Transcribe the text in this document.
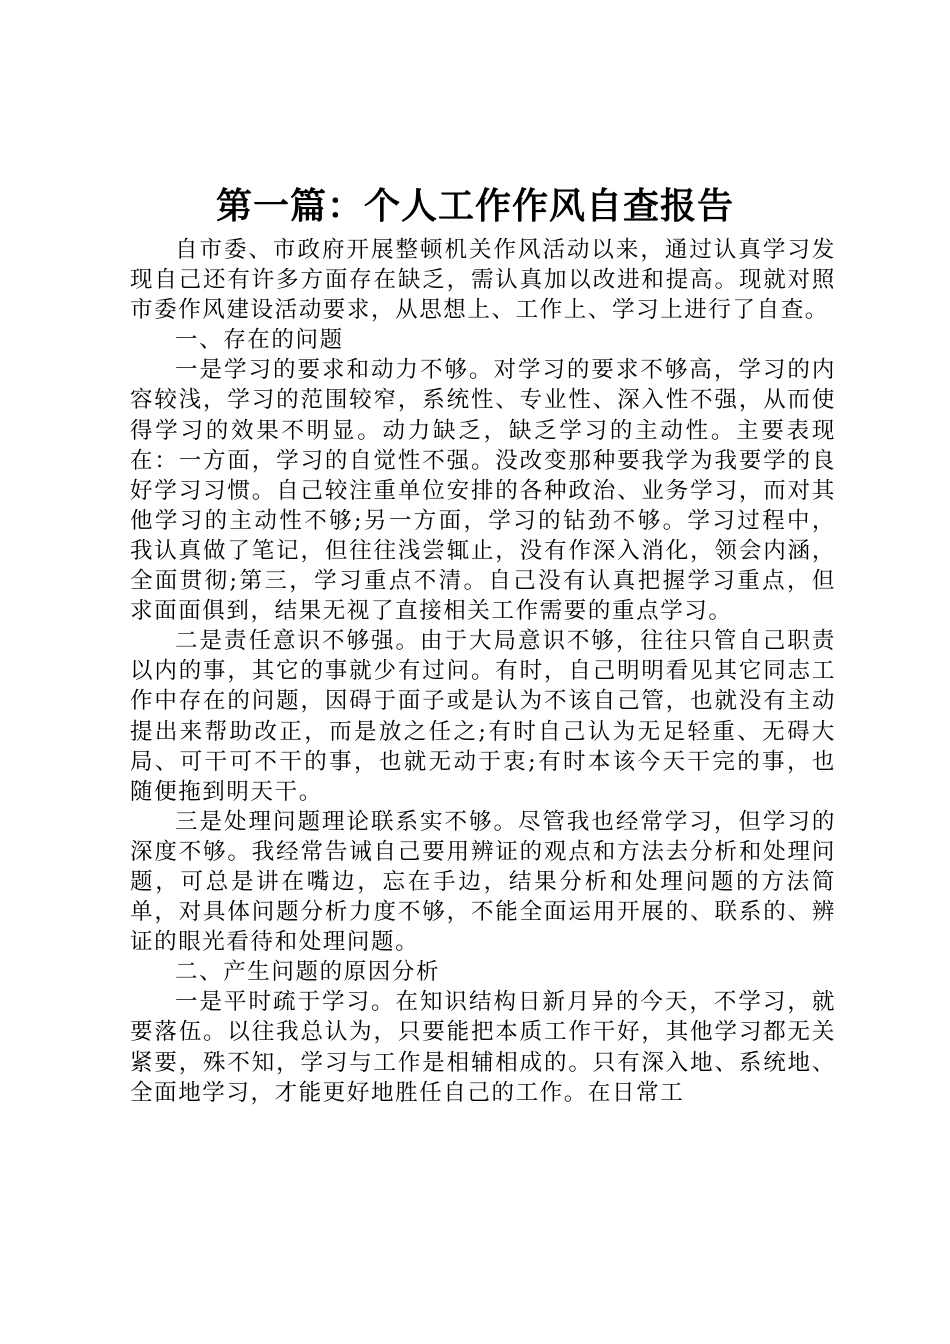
第一篇：个人工作作风自查报告

自市委、市政府开展整顿机关作风活动以来，通过认真学习发现自己还有许多方面存在缺乏，需认真加以改进和提高。现就对照市委作风建设活动要求，从思想上、工作上、学习上进行了自查。

一、存在的问题

一是学习的要求和动力不够。对学习的要求不够高，学习的内容较浅，学习的范围较窄，系统性、专业性、深入性不强，从而使得学习的效果不明显。动力缺乏，缺乏学习的主动性。主要表现在：一方面，学习的自觉性不强。没改变那种要我学为我要学的良好学习习惯。自己较注重单位安排的各种政治、业务学习，而对其他学习的主动性不够;另一方面，学习的钻劲不够。学习过程中，我认真做了笔记，但往往浅尝辄止，没有作深入消化，领会内涵，全面贯彻;第三，学习重点不清。自己没有认真把握学习重点，但求面面俱到，结果无视了直接相关工作需要的重点学习。

二是责任意识不够强。由于大局意识不够，往往只管自己职责以内的事，其它的事就少有过问。有时，自己明明看见其它同志工作中存在的问题，因碍于面子或是认为不该自己管，也就没有主动提出来帮助改正，而是放之任之;有时自己认为无足轻重、无碍大局、可干可不干的事，也就无动于衷;有时本该今天干完的事，也随便拖到明天干。

三是处理问题理论联系实不够。尽管我也经常学习，但学习的深度不够。我经常告诫自己要用辨证的观点和方法去分析和处理问题，可总是讲在嘴边，忘在手边，结果分析和处理问题的方法简单，对具体问题分析力度不够，不能全面运用开展的、联系的、辨证的眼光看待和处理问题。

二、产生问题的原因分析

一是平时疏于学习。在知识结构日新月异的今天，不学习，就要落伍。以往我总认为，只要能把本质工作干好，其他学习都无关紧要，殊不知，学习与工作是相辅相成的。只有深入地、系统地、全面地学习，才能更好地胜任自己的工作。在日常工
